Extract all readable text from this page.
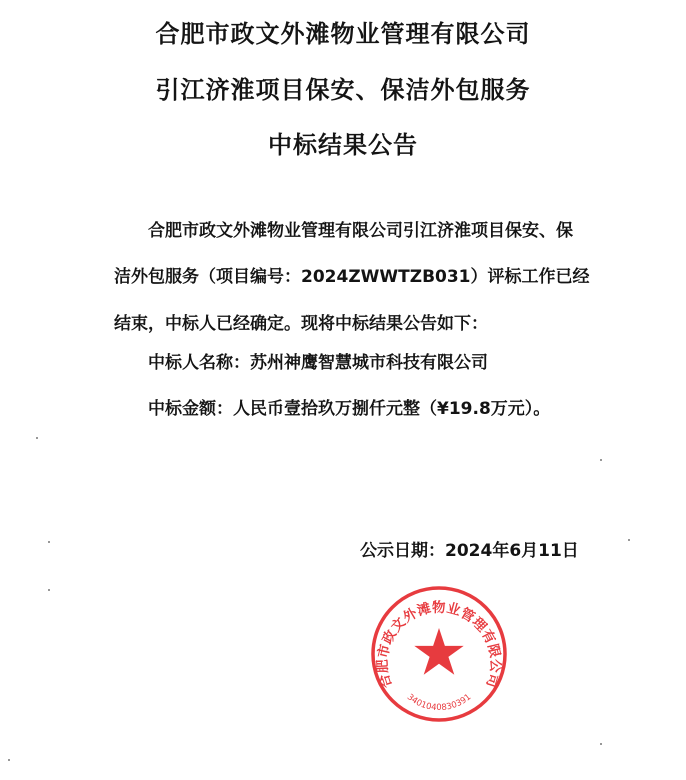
合肥市政文外滩物业管理有限公司
引江济淮项目保安、保洁外包服务
中标结果公告
合肥市政文外滩物业管理有限公司引江济淮项目保安、保
洁外包服务（项目编号：2024ZWWTZB031）评标工作已经
结束，中标人已经确定。现将中标结果公告如下：
中标人名称：苏州神鹰智慧城市科技有限公司
中标金额：人民币壹拾玖万捌仟元整（¥19.8万元）。
公示日期：2024年6月11日
合肥市政文外滩物业管理有限公司
3401040830391
